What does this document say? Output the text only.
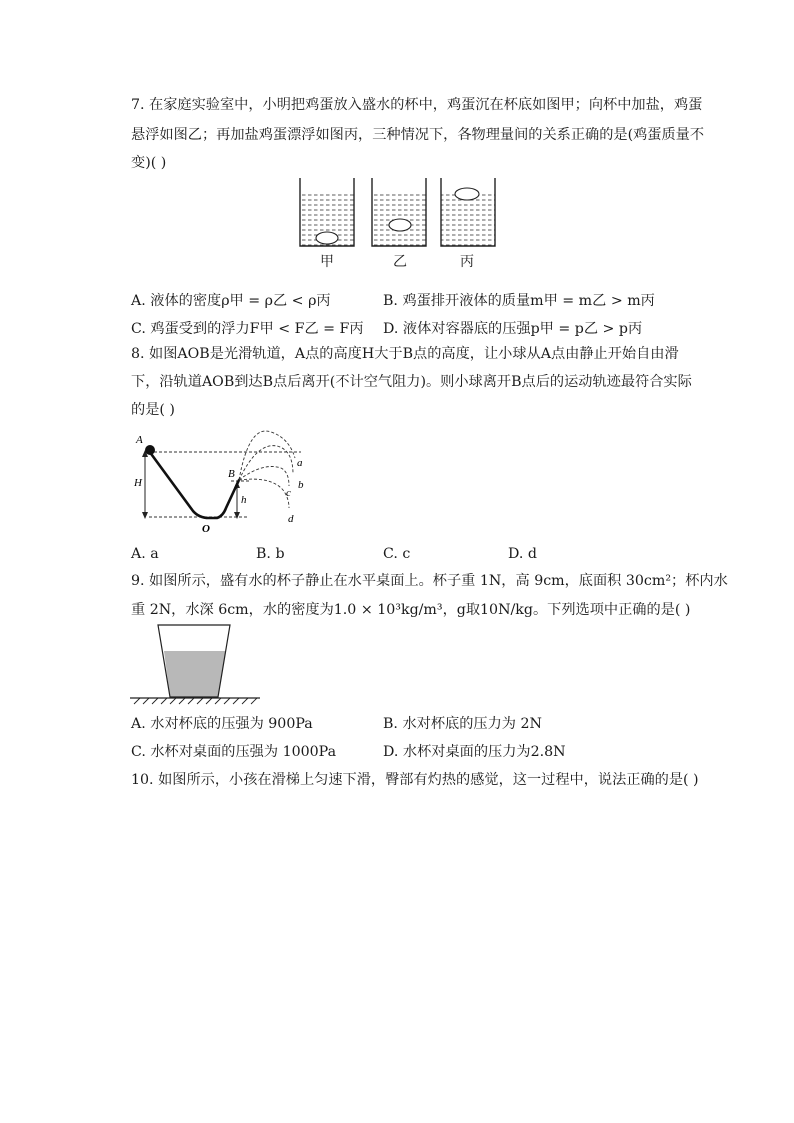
7. 在家庭实验室中，小明把鸡蛋放入盛水的杯中，鸡蛋沉在杯底如图甲；向杯中加盐，鸡蛋
悬浮如图乙；再加盐鸡蛋漂浮如图丙，三种情况下，各物理量间的关系正确的是(鸡蛋质量不
变)( )
甲	乙	丙
A. 液体的密度ρ甲 = ρ乙 < ρ丙	B. 鸡蛋排开液体的质量m甲 = m乙 > m丙
C. 鸡蛋受到的浮力F甲 < F乙 = F丙 D. 液体对容器底的压强p甲 = p乙 > p丙
8. 如图AOB是光滑轨道，A点的高度H大于B点的高度，让小球从A点由静止开始自由滑
下，沿轨道AOB到达B点后离开(不计空气阻力)。则小球离开B点后的运动轨迹最符合实际
的是( )
H
h
A
O
B
a
b
c
d
A. a	B. b	C. c	D. d
9. 如图所示，盛有水的杯子静止在水平桌面上。杯子重 1N，高 9cm，底面积 30cm²；杯内水
重 2N，水深 6cm，水的密度为1.0 × 10³kg/m³，g取10N/kg。下列选项中正确的是( )
A. 水对杯底的压强为 900Pa	B. 水对杯底的压力为 2N
C. 水杯对桌面的压强为 1000Pa	D. 水杯对桌面的压力为2.8N
10. 如图所示，小孩在滑梯上匀速下滑，臀部有灼热的感觉，这一过程中，说法正确的是( )
